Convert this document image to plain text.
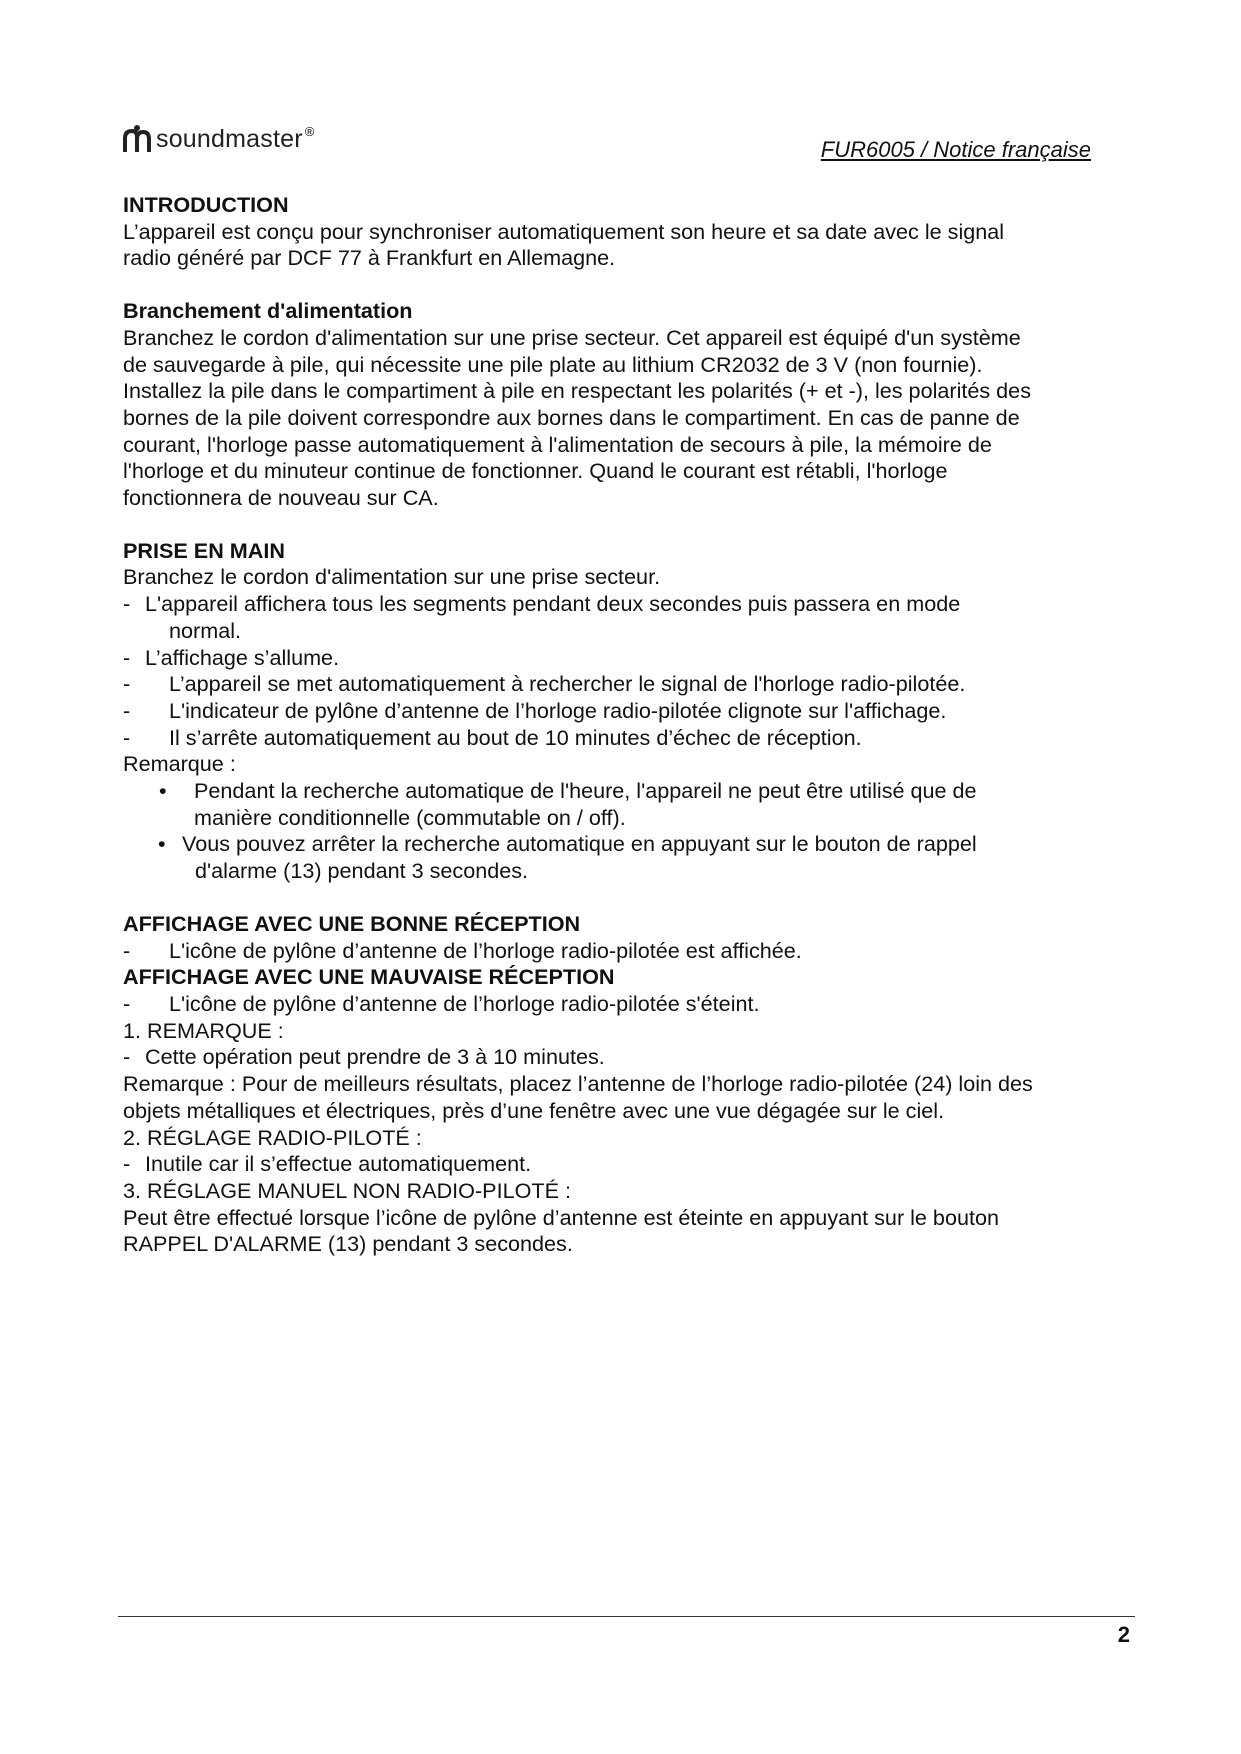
soundmaster ®
FUR6005 / Notice française

INTRODUCTION

L’appareil est conçu pour synchroniser automatiquement son heure et sa date avec le signal

radio généré par DCF 77 à Frankfurt en Allemagne.

Branchement d'alimentation

Branchez le cordon d'alimentation sur une prise secteur. Cet appareil est équipé d'un système

de sauvegarde à pile, qui nécessite une pile plate au lithium CR2032 de 3 V (non fournie).

Installez la pile dans le compartiment à pile en respectant les polarités (+ et -), les polarités des

bornes de la pile doivent correspondre aux bornes dans le compartiment. En cas de panne de

courant, l'horloge passe automatiquement à l'alimentation de secours à pile, la mémoire de

l'horloge et du minuteur continue de fonctionner. Quand le courant est rétabli, l'horloge

fonctionnera de nouveau sur CA.

PRISE EN MAIN

Branchez le cordon d'alimentation sur une prise secteur.

- L'appareil affichera tous les segments pendant deux secondes puis passera en mode

normal.

- L’affichage s’allume.
-	L’appareil se met automatiquement à rechercher le signal de l'horloge radio-pilotée.
-	L'indicateur de pylône d’antenne de l’horloge radio-pilotée clignote sur l'affichage.
-	Il s’arrête automatiquement au bout de 10 minutes d’échec de réception.

Remarque :

•	Pendant la recherche automatique de l'heure, l'appareil ne peut être utilisé que de

manière conditionnelle (commutable on / off).

• Vous pouvez arrêter la recherche automatique en appuyant sur le bouton de rappel

d'alarme (13) pendant 3 secondes.

AFFICHAGE AVEC UNE BONNE RÉCEPTION

-	L'icône de pylône d’antenne de l’horloge radio-pilotée est affichée.

AFFICHAGE AVEC UNE MAUVAISE RÉCEPTION

-	L'icône de pylône d’antenne de l’horloge radio-pilotée s'éteint.

1. REMARQUE :

- Cette opération peut prendre de 3 à 10 minutes.

Remarque : Pour de meilleurs résultats, placez l’antenne de l’horloge radio-pilotée (24) loin des

objets métalliques et électriques, près d’une fenêtre avec une vue dégagée sur le ciel.

2. RÉGLAGE RADIO-PILOTÉ :

- Inutile car il s’effectue automatiquement.

3. RÉGLAGE MANUEL NON RADIO-PILOTÉ :

Peut être effectué lorsque l’icône de pylône d’antenne est éteinte en appuyant sur le bouton

RAPPEL D'ALARME (13) pendant 3 secondes.

2
